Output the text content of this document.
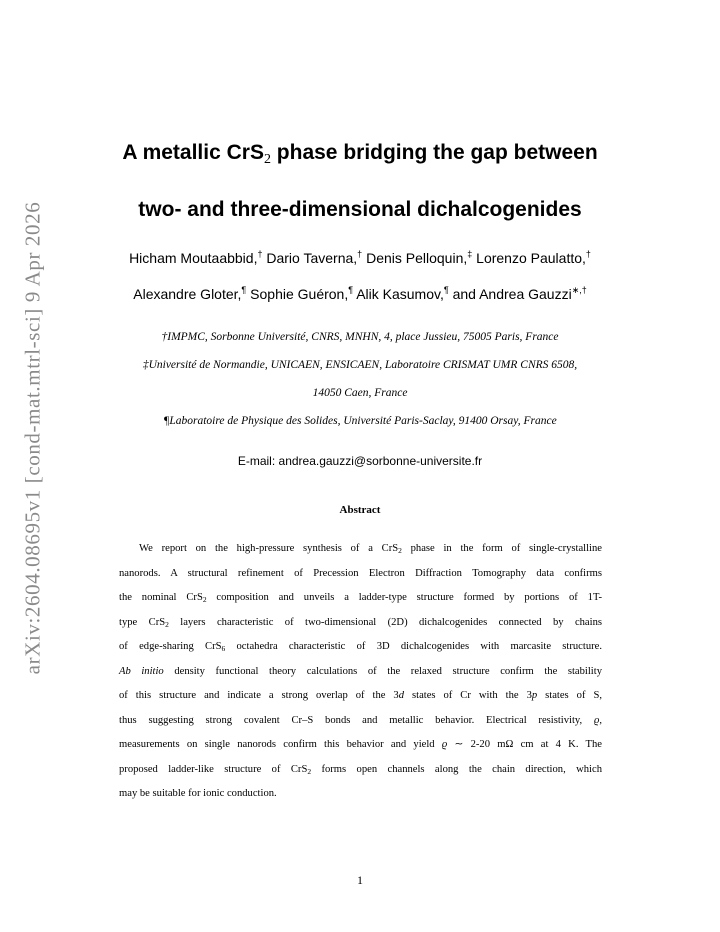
arXiv:2604.08695v1 [cond-mat.mtrl-sci] 9 Apr 2026
A metallic CrS$_2$ phase bridging the gap between
two- and three-dimensional dichalcogenides
Hicham Moutaabbid,† Dario Taverna,† Denis Pelloquin,‡ Lorenzo Paulatto,†
Alexandre Gloter,¶ Sophie Guéron,¶ Alik Kasumov,¶ and Andrea Gauzzi∗,†
†IMPMC, Sorbonne Université, CNRS, MNHN, 4, place Jussieu, 75005 Paris, France
‡Université de Normandie, UNICAEN, ENSICAEN, Laboratoire CRISMAT UMR CNRS 6508,
14050 Caen, France
¶Laboratoire de Physique des Solides, Université Paris-Saclay, 91400 Orsay, France
E-mail: andrea.gauzzi@sorbonne-universite.fr
Abstract
We report on the high-pressure synthesis of a CrS$_2$ phase in the form of single-crystalline
nanorods. A structural refinement of Precession Electron Diffraction Tomography data confirms
the nominal CrS$_2$ composition and unveils a ladder-type structure formed by portions of 1T-
type CrS$_2$ layers characteristic of two-dimensional (2D) dichalcogenides connected by chains
of edge-sharing CrS$_6$ octahedra characteristic of 3D dichalcogenides with marcasite structure.
Ab initio density functional theory calculations of the relaxed structure confirm the stability
of this structure and indicate a strong overlap of the 3d states of Cr with the 3p states of S,
thus suggesting strong covalent Cr–S bonds and metallic behavior. Electrical resistivity, ϱ,
measurements on single nanorods confirm this behavior and yield ϱ ∼ 2-20 mΩ cm at 4 K. The
proposed ladder-like structure of CrS$_2$ forms open channels along the chain direction, which
may be suitable for ionic conduction.
1
